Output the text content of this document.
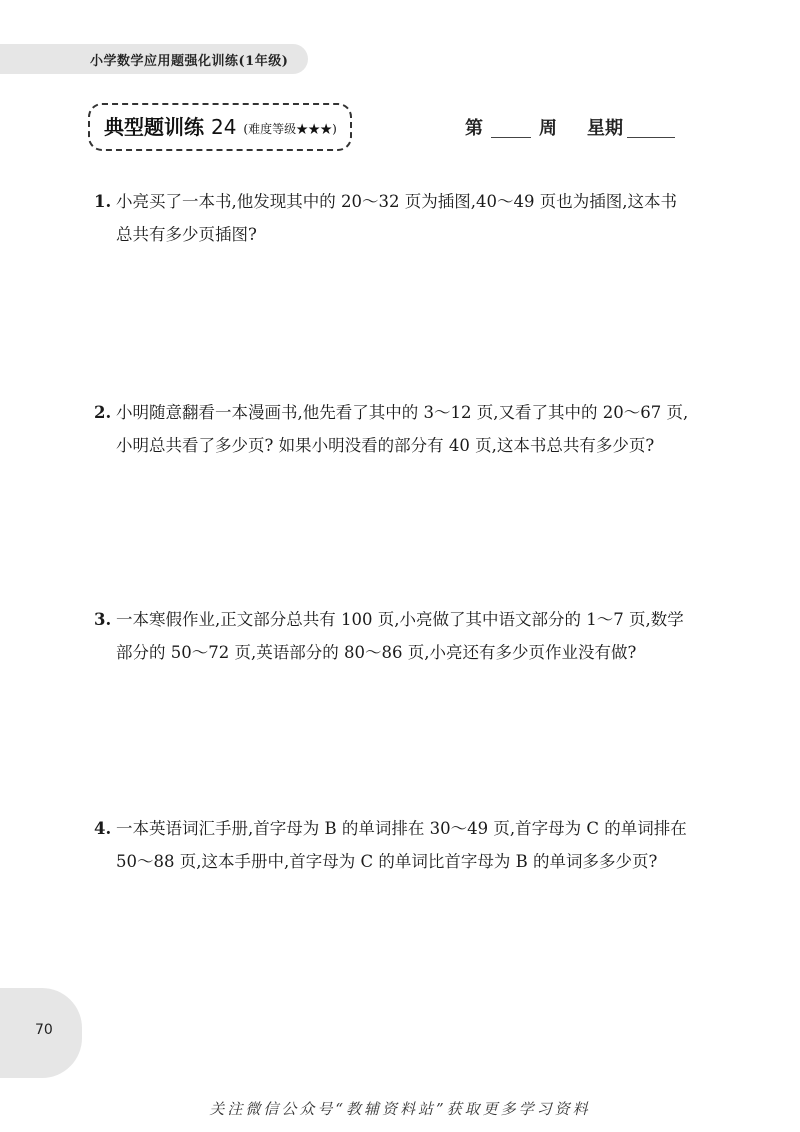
小学数学应用题强化训练(1年级)
典型题训练 24 (难度等级★★★)	第	周 星期
1. 小亮买了一本书,他发现其中的 20～32 页为插图,40～49 页也为插图,这本书
总共有多少页插图?
2. 小明随意翻看一本漫画书,他先看了其中的 3～12 页,又看了其中的 20～67 页,
小明总共看了多少页? 如果小明没看的部分有 40 页,这本书总共有多少页?
3. 一本寒假作业,正文部分总共有 100 页,小亮做了其中语文部分的 1～7 页,数学
部分的 50～72 页,英语部分的 80～86 页,小亮还有多少页作业没有做?
4. 一本英语词汇手册,首字母为 B 的单词排在 30～49 页,首字母为 C 的单词排在
50～88 页,这本手册中,首字母为 C 的单词比首字母为 B 的单词多多少页?
70
关注微信公众号“教辅资料站”获取更多学习资料
